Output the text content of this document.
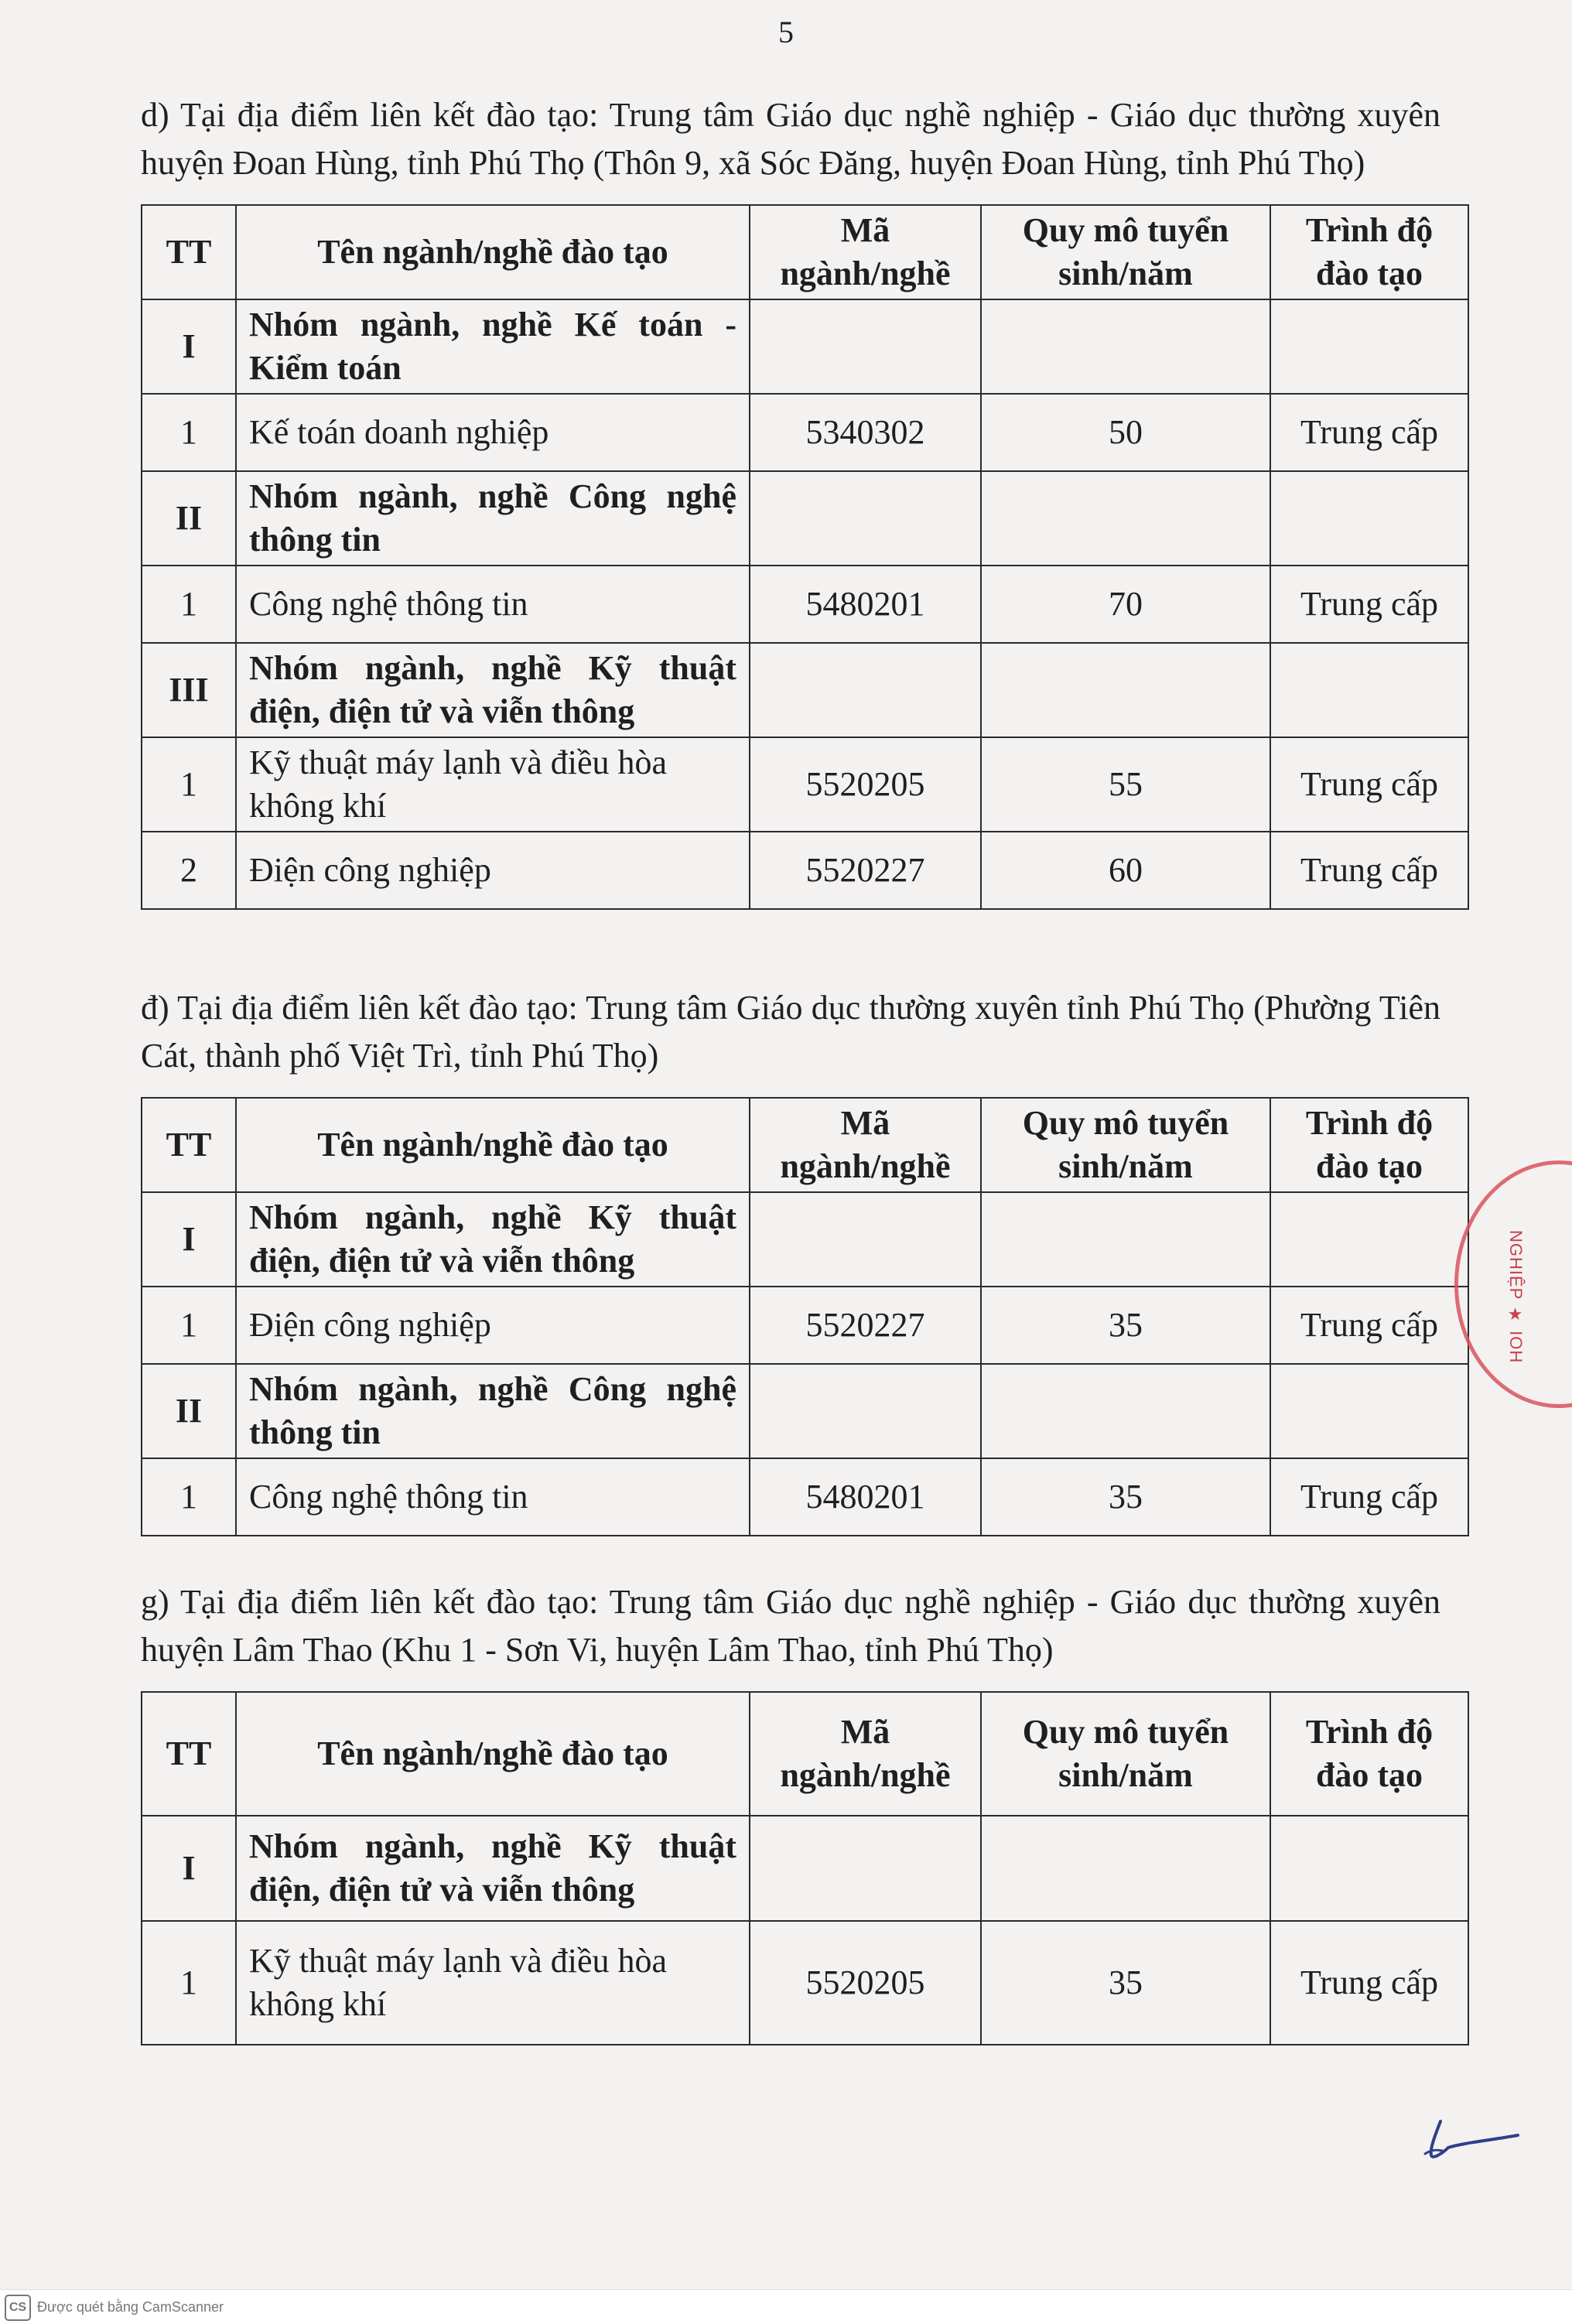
5

d) Tại địa điểm liên kết đào tạo: Trung tâm Giáo dục nghề nghiệp - Giáo dục thường xuyên huyện Đoan Hùng, tỉnh Phú Thọ (Thôn 9, xã Sóc Đăng, huyện Đoan Hùng, tỉnh Phú Thọ)

TT	Tên ngành/nghề đào tạo	Mã ngành/nghề	Quy mô tuyển sinh/năm	Trình độ đào tạo
I	Nhóm ngành, nghề Kế toán - Kiểm toán			
1	Kế toán doanh nghiệp	5340302	50	Trung cấp
II	Nhóm ngành, nghề Công nghệ thông tin			
1	Công nghệ thông tin	5480201	70	Trung cấp
III	Nhóm ngành, nghề Kỹ thuật điện, điện tử và viễn thông			
1	Kỹ thuật máy lạnh và điều hòa không khí	5520205	55	Trung cấp
2	Điện công nghiệp	5520227	60	Trung cấp

đ) Tại địa điểm liên kết đào tạo: Trung tâm Giáo dục thường xuyên tỉnh Phú Thọ (Phường Tiên Cát, thành phố Việt Trì, tỉnh Phú Thọ)

TT	Tên ngành/nghề đào tạo	Mã ngành/nghề	Quy mô tuyển sinh/năm	Trình độ đào tạo
I	Nhóm ngành, nghề Kỹ thuật điện, điện tử và viễn thông			
1	Điện công nghiệp	5520227	35	Trung cấp
II	Nhóm ngành, nghề Công nghệ thông tin			
1	Công nghệ thông tin	5480201	35	Trung cấp

g) Tại địa điểm liên kết đào tạo: Trung tâm Giáo dục nghề nghiệp - Giáo dục thường xuyên huyện Lâm Thao (Khu 1 - Sơn Vi, huyện Lâm Thao, tỉnh Phú Thọ)

TT	Tên ngành/nghề đào tạo	Mã ngành/nghề	Quy mô tuyển sinh/năm	Trình độ đào tạo
I	Nhóm ngành, nghề Kỹ thuật điện, điện tử và viễn thông			
1	Kỹ thuật máy lạnh và điều hòa không khí	5520205	35	Trung cấp
NGHIỆP ★ IOH
CS Được quét bằng CamScanner
